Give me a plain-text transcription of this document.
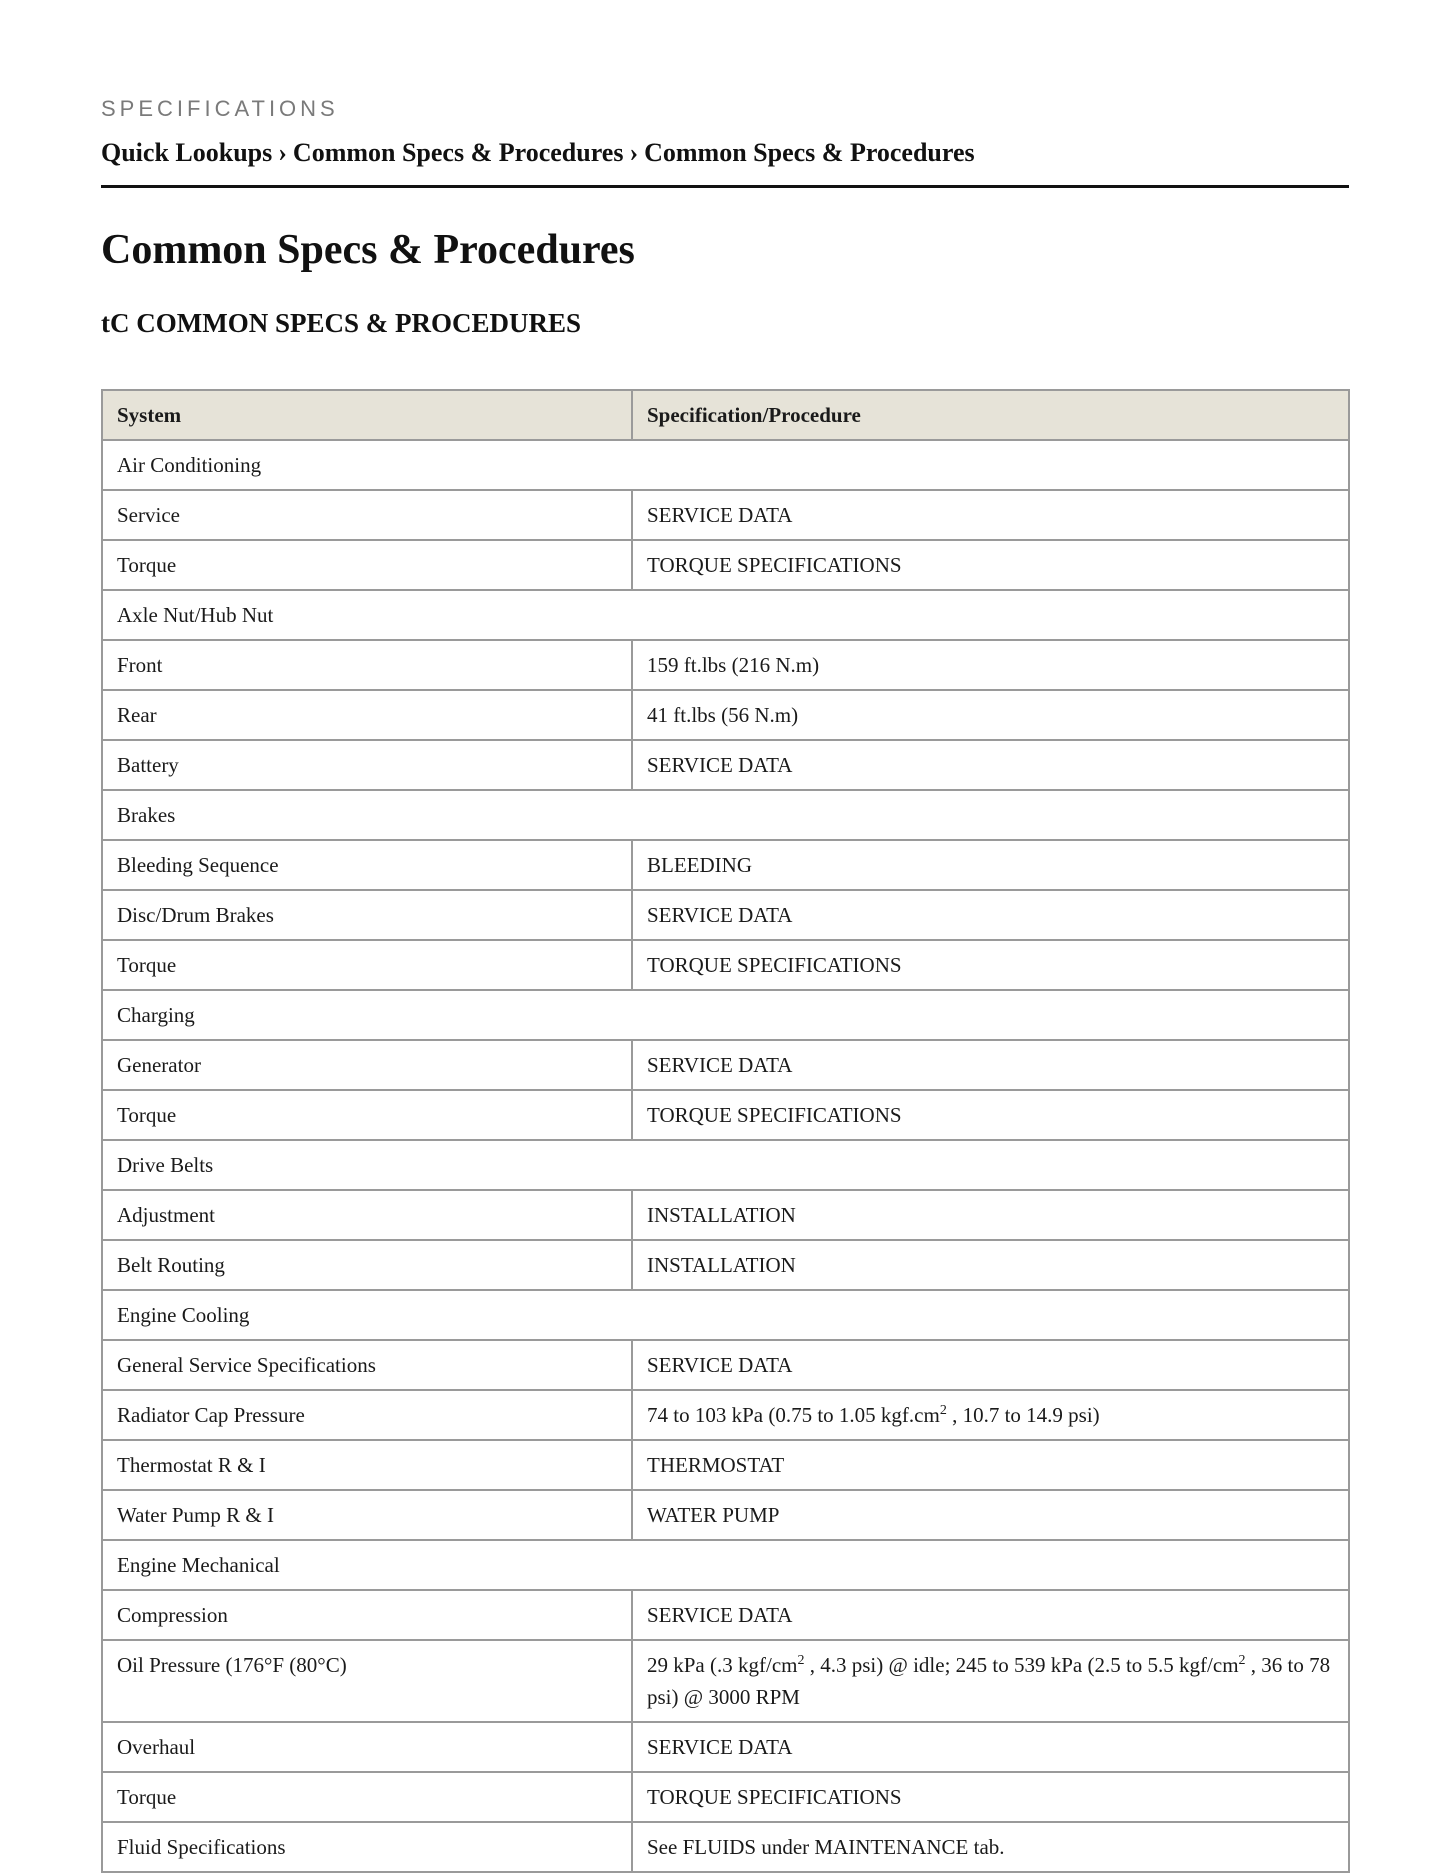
SPECIFICATIONS
Quick Lookups › Common Specs & Procedures › Common Specs & Procedures
Common Specs & Procedures
tC COMMON SPECS & PROCEDURES
System	Specification/Procedure
Air Conditioning	
Service	SERVICE DATA
Torque	TORQUE SPECIFICATIONS
Axle Nut/Hub Nut	
Front	159 ft.lbs (216 N.m)
Rear	41 ft.lbs (56 N.m)
Battery	SERVICE DATA
Brakes	
Bleeding Sequence	BLEEDING
Disc/Drum Brakes	SERVICE DATA
Torque	TORQUE SPECIFICATIONS
Charging	
Generator	SERVICE DATA
Torque	TORQUE SPECIFICATIONS
Drive Belts	
Adjustment	INSTALLATION
Belt Routing	INSTALLATION
Engine Cooling	
General Service Specifications	SERVICE DATA
Radiator Cap Pressure	74 to 103 kPa (0.75 to 1.05 $kgf.cm^2$ , 10.7 to 14.9 psi)
Thermostat R & I	THERMOSTAT
Water Pump R & I	WATER PUMP
Engine Mechanical	
Compression	SERVICE DATA
Oil Pressure (176°F (80°C)	29 kPa (.3 kgf/$cm^2$ , 4.3 psi) @ idle; 245 to 539 kPa (2.5 to 5.5 kgf/$cm^2$ , 36 to 78 psi) @ 3000 RPM
Overhaul	SERVICE DATA
Torque	TORQUE SPECIFICATIONS
Fluid Specifications	See FLUIDS under MAINTENANCE tab.
